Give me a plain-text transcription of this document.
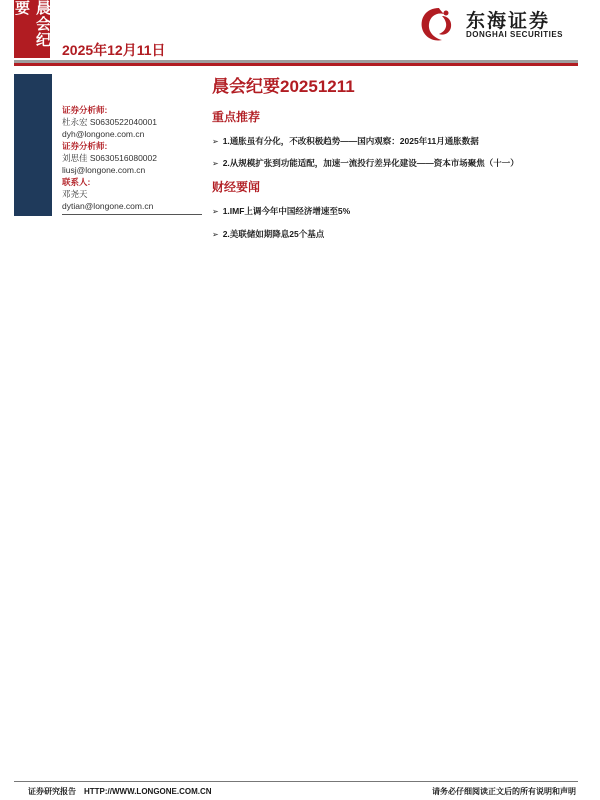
晨会纪要
2025年12月11日
东海证券
DONGHAI SECURITIES
证券分析师:
杜永宏 S0630522040001
dyh@longone.com.cn
证券分析师:
刘思佳 S0630516080002
liusj@longone.com.cn
联系人:
邓尧天
dytian@longone.com.cn
晨会纪要20251211
重点推荐
➢ 1.通胀虽有分化，不改积极趋势——国内观察：2025年11月通胀数据
➢ 2.从规模扩张到功能适配，加速一流投行差异化建设——资本市场聚焦（十一）
财经要闻
➢ 1.IMF上调今年中国经济增速至5%
➢ 2.美联储如期降息25个基点
证券研究报告 HTTP://WWW.LONGONE.COM.CN	请务必仔细阅读正文后的所有说明和声明
